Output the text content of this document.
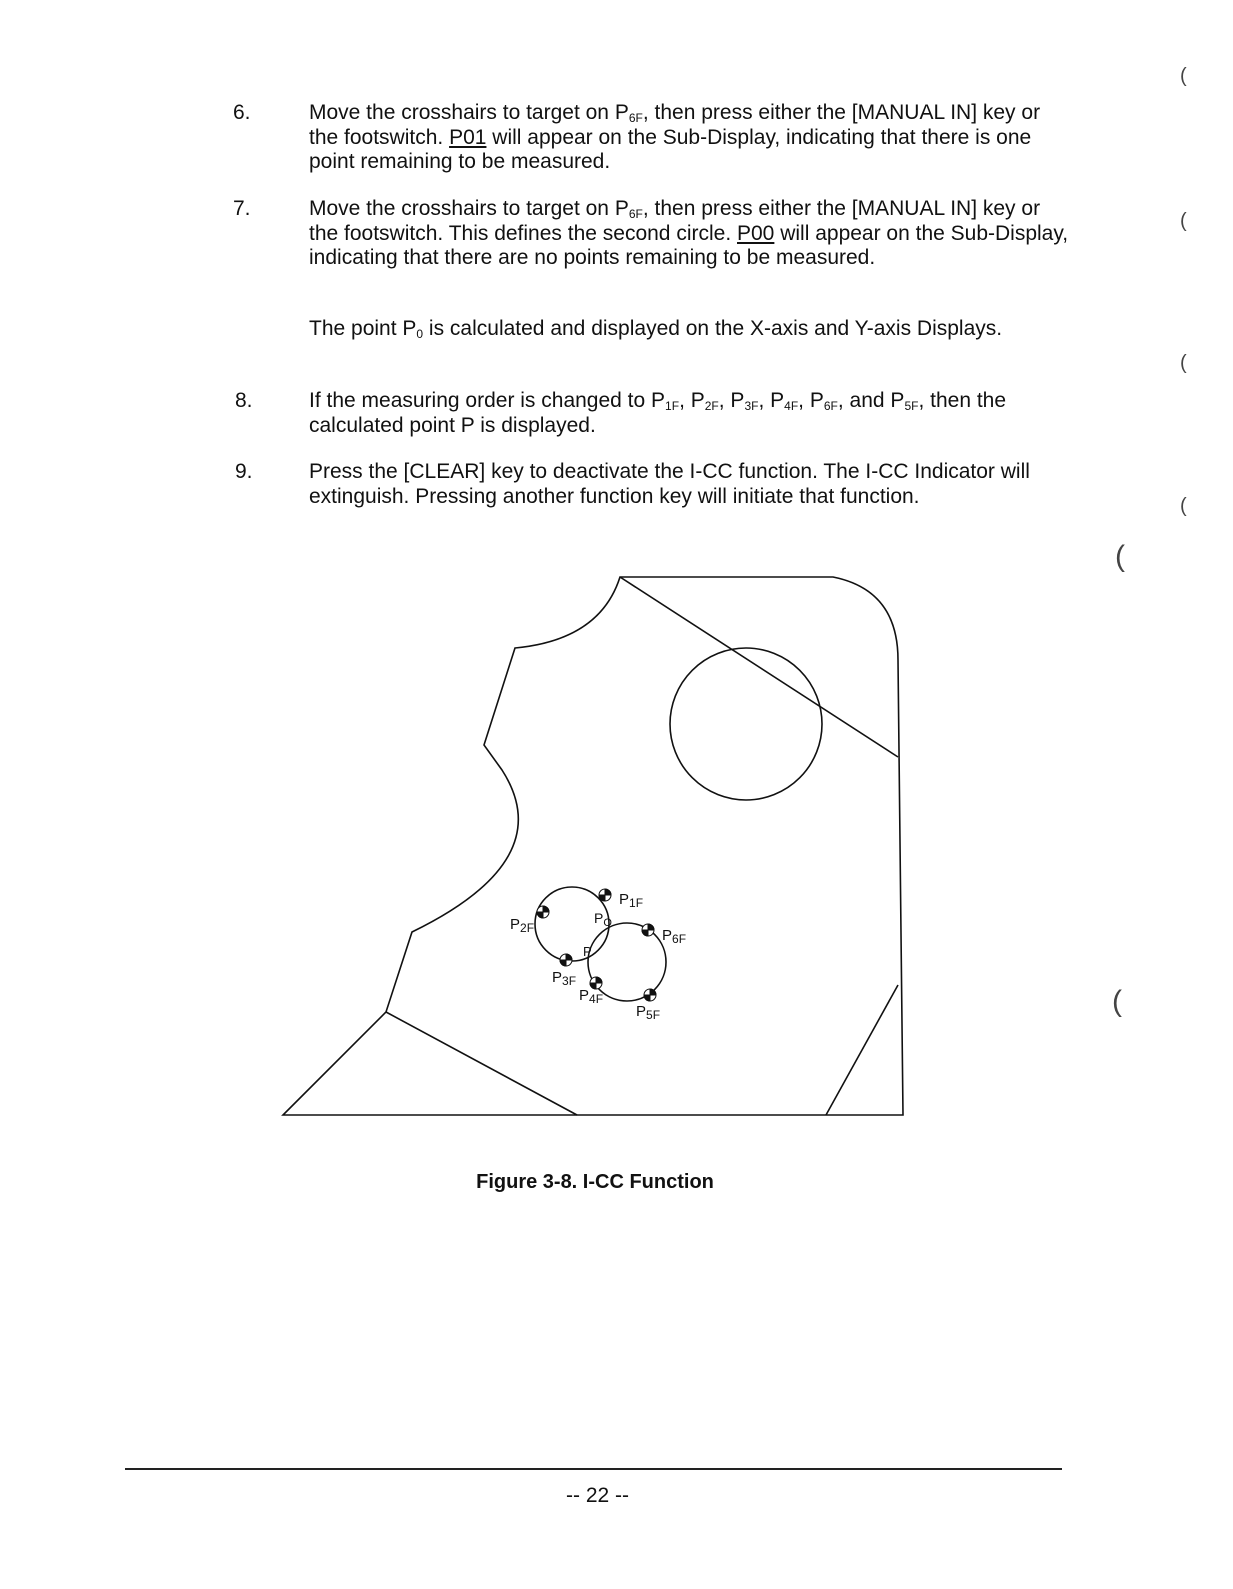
6.	Move the crosshairs to target on $P_{6F}$, then press either the [MANUAL IN] key or the footswitch. P01 will appear on the Sub-Display, indicating that there is one point remaining to be measured.
7.	Move the crosshairs to target on $P_{6F}$, then press either the [MANUAL IN] key or the footswitch. This defines the second circle. P00 will appear on the Sub-Display, indicating that there are no points remaining to be measured.
The point $P_0$ is calculated and displayed on the X-axis and Y-axis Displays.
8.	If the measuring order is changed to $P_{1F}$, $P_{2F}$, $P_{3F}$, $P_{4F}$, $P_{6F}$, and $P_{5F}$, then the calculated point P is displayed.
9.	Press the [CLEAR] key to deactivate the I-CC function. The I-CC Indicator will extinguish. Pressing another function key will initiate that function.
$P_{1F}$
$P_{2F}$
$P_O$
P
$P_{6F}$
$P_{3F}$
$P_{4F}$
$P_{5F}$
Figure 3-8. I-CC Function
(
(
(
(
(
(
-- 22 --
